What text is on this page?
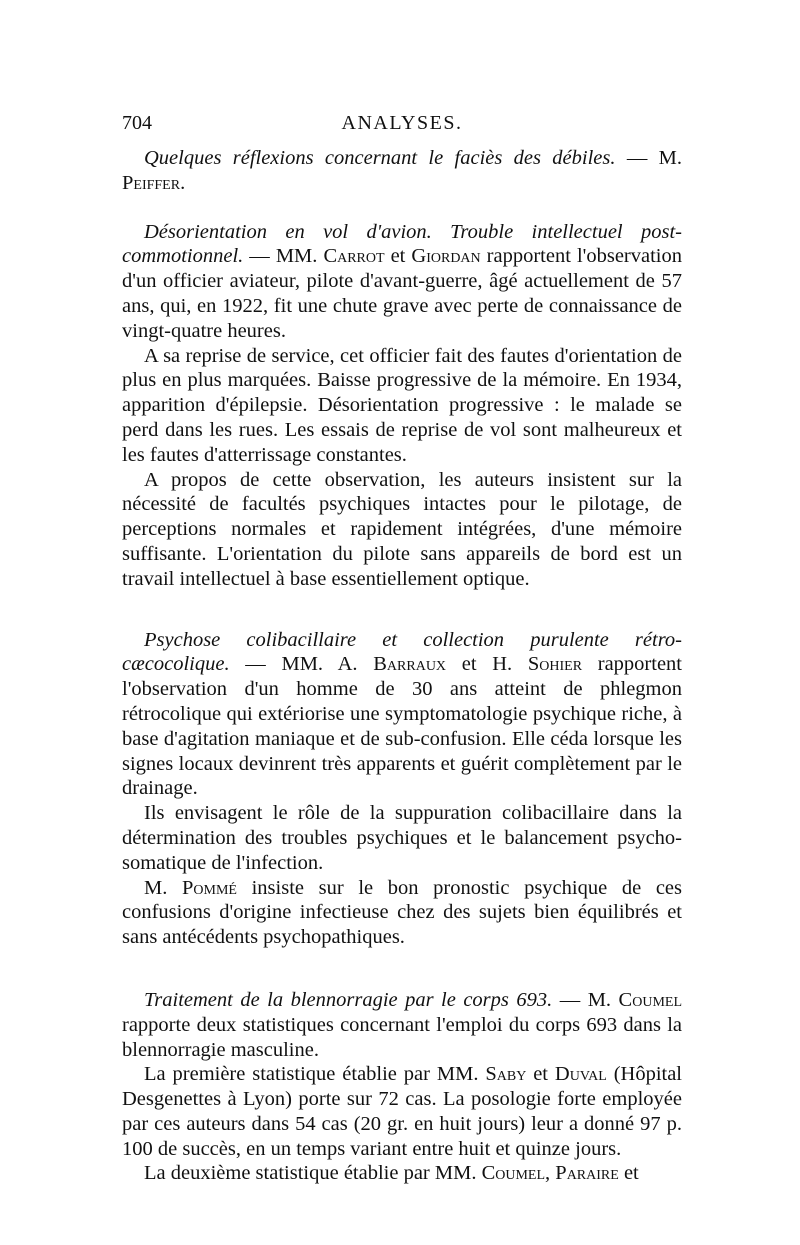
704	ANALYSES.

Quelques réflexions concernant le faciès des débiles. — M. Peiffer.

Désorientation en vol d'avion. Trouble intellectuel post-commotionnel. — MM. Carrot et Giordan rapportent l'observation d'un officier aviateur, pilote d'avant-guerre, âgé actuellement de 57 ans, qui, en 1922, fit une chute grave avec perte de connaissance de vingt-quatre heures.

A sa reprise de service, cet officier fait des fautes d'orientation de plus en plus marquées. Baisse progressive de la mémoire. En 1934, apparition d'épilepsie. Désorientation progressive : le malade se perd dans les rues. Les essais de reprise de vol sont malheureux et les fautes d'atterrissage constantes.

A propos de cette observation, les auteurs insistent sur la nécessité de facultés psychiques intactes pour le pilotage, de perceptions normales et rapidement intégrées, d'une mémoire suffisante. L'orientation du pilote sans appareils de bord est un travail intellectuel à base essentiellement optique.

Psychose colibacillaire et collection purulente rétro-cæcocolique. — MM. A. Barraux et H. Sohier rapportent l'observation d'un homme de 30 ans atteint de phlegmon rétrocolique qui extériorise une symptomatologie psychique riche, à base d'agitation maniaque et de sub-confusion. Elle céda lorsque les signes locaux devinrent très apparents et guérit complètement par le drainage.

Ils envisagent le rôle de la suppuration colibacillaire dans la détermination des troubles psychiques et le balancement psycho-somatique de l'infection.

M. Pommé insiste sur le bon pronostic psychique de ces confusions d'origine infectieuse chez des sujets bien équilibrés et sans antécédents psychopathiques.

Traitement de la blennorragie par le corps 693. — M. Coumel rapporte deux statistiques concernant l'emploi du corps 693 dans la blennorragie masculine.

La première statistique établie par MM. Saby et Duval (Hôpital Desgenettes à Lyon) porte sur 72 cas. La posologie forte employée par ces auteurs dans 54 cas (20 gr. en huit jours) leur a donné 97 p. 100 de succès, en un temps variant entre huit et quinze jours.

La deuxième statistique établie par MM. Coumel, Paraire et
